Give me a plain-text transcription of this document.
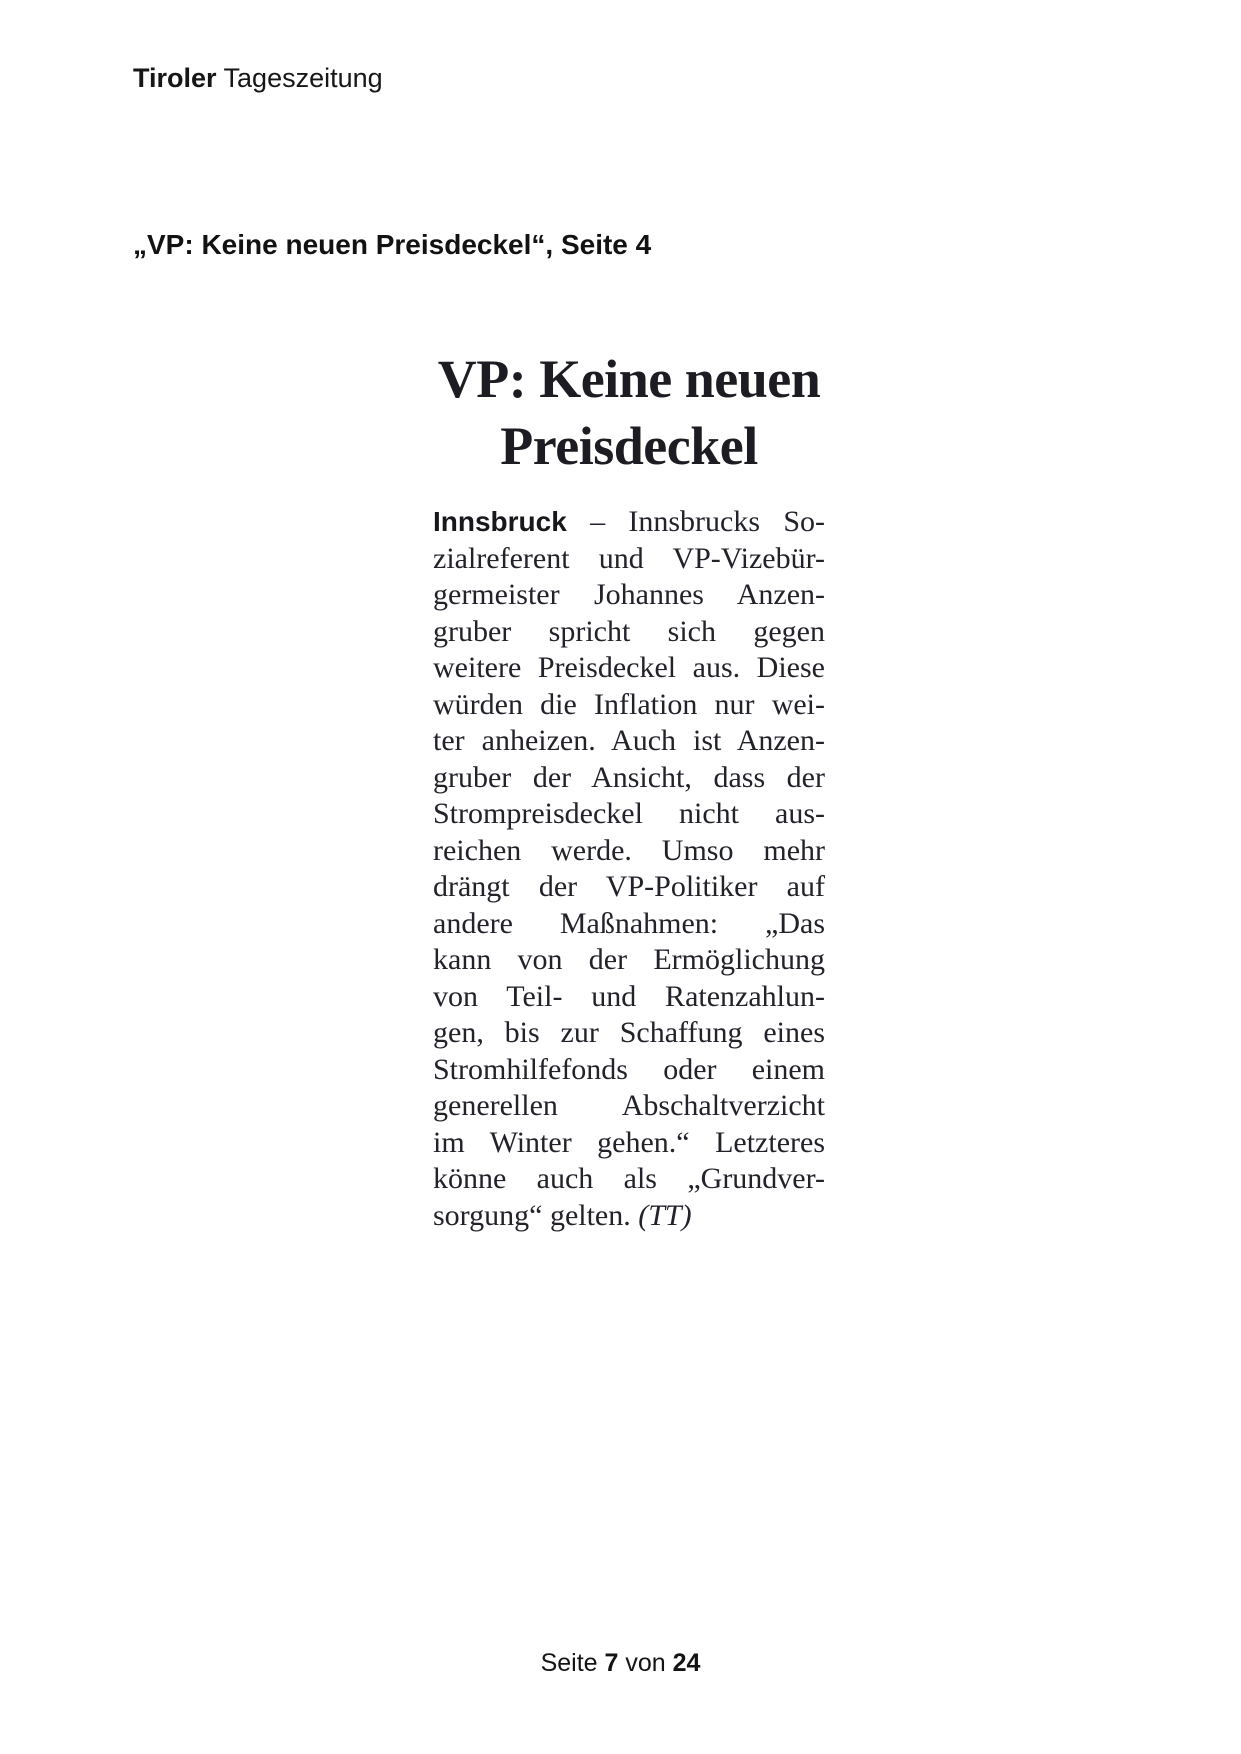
Tiroler Tageszeitung
„VP: Keine neuen Preisdeckel“, Seite 4
VP: Keine neuen
Preisdeckel
Innsbruck – Innsbrucks So-
zialreferent und VP-Vizebür-
germeister Johannes Anzen-
gruber spricht sich gegen
weitere Preisdeckel aus. Diese
würden die Inflation nur wei-
ter anheizen. Auch ist Anzen-
gruber der Ansicht, dass der
Strompreisdeckel nicht aus-
reichen werde. Umso mehr
drängt der VP-Politiker auf
andere Maßnahmen: „Das
kann von der Ermöglichung
von Teil- und Ratenzahlun-
gen, bis zur Schaffung eines
Stromhilfefonds oder einem
generellen Abschaltverzicht
im Winter gehen.“ Letzteres
könne auch als „Grundver-
sorgung“ gelten. (TT)
Seite 7 von 24
